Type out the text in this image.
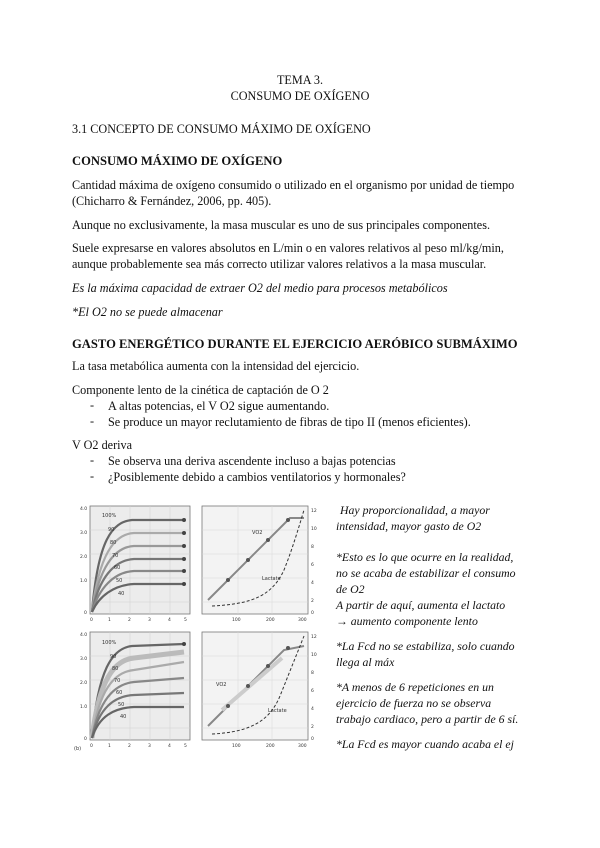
TEMA 3.
CONSUMO DE OXÍGENO
3.1 CONCEPTO DE CONSUMO MÁXIMO DE OXÍGENO
CONSUMO MÁXIMO DE OXÍGENO
Cantidad máxima de oxígeno consumido o utilizado en el organismo por unidad de tiempo
(Chicharro & Fernández, 2006, pp. 405).
Aunque no exclusivamente, la masa muscular es uno de sus principales componentes.
Suele expresarse en valores absolutos en L/min o en valores relativos al peso ml/kg/min,
aunque probablemente sea más correcto utilizar valores relativos a la masa muscular.
Es la máxima capacidad de extraer O2 del medio para procesos metabólicos
*El O2 no se puede almacenar
GASTO ENERGÉTICO DURANTE EL EJERCICIO AERÓBICO SUBMÁXIMO
La tasa metabólica aumenta con la intensidad del ejercicio.
Componente lento de la cinética de captación de O 2
- A altas potencias, el V O2 sigue aumentando.
- Se produce un mayor reclutamiento de fibras de tipo II (menos eficientes).
V O2 deriva
- Se observa una deriva ascendente incluso a bajas potencias
- ¿Posiblemente debido a cambios ventilatorios y hormonales?
100%
90
80
70
60
50
40
0	1	2	3	4	5
4.0
3.0
2.0
1.0
0
VO2
Lactate
100	200	300
12
10
8
6
4
2
0
100%
90
80
70
60
50
40
0	1	2	3	4	5
4.0
3.0
2.0
1.0
0
(b)
VO2
Lactate
100	200	300
12
10
8
6
4
2
0
Hay proporcionalidad, a mayor
intensidad, mayor gasto de O2
*Esto es lo que ocurre en la realidad,
no se acaba de estabilizar el consumo
de O2
A partir de aquí, aumenta el lactato
→ aumento componente lento
*La Fcd no se estabiliza, solo cuando
llega al máx
*A menos de 6 repeticiones en un
ejercicio de fuerza no se observa
trabajo cardiaco, pero a partir de 6 sí.
*La Fcd es mayor cuando acaba el ej
